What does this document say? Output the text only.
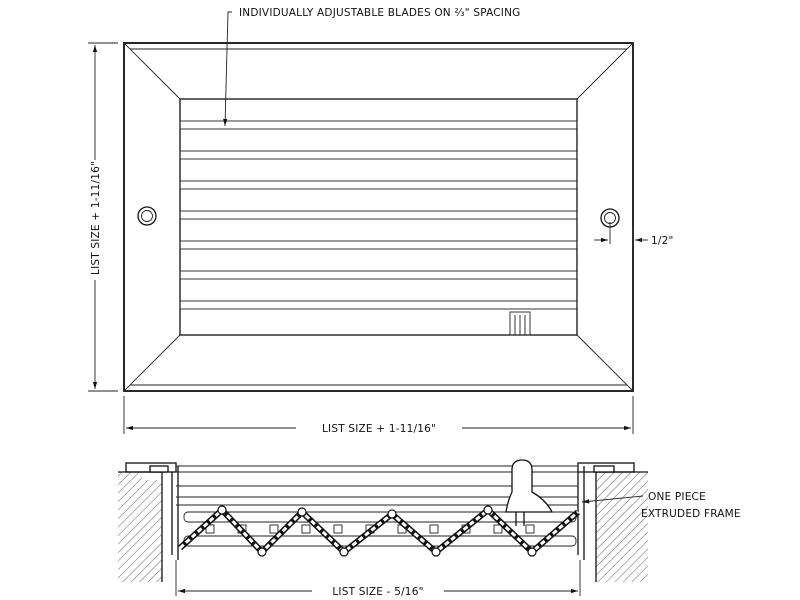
INDIVIDUALLY ADJUSTABLE BLADES ON ⅔" SPACING
LIST SIZE + 1-11/16"
LIST SIZE + 1-11/16"
1/2"
ONE PIECE
EXTRUDED FRAME
LIST SIZE - 5/16"
